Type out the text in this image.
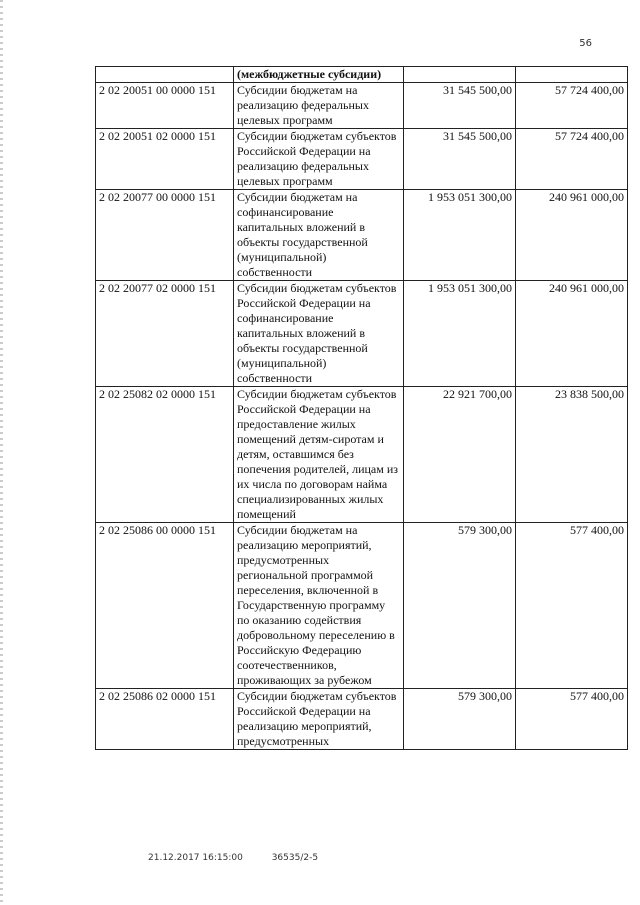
56
	(межбюджетные субсидии)		
2 02 20051 00 0000 151	Субсидии бюджетам на реализацию федеральных целевых программ	31 545 500,00	57 724 400,00
2 02 20051 02 0000 151	Субсидии бюджетам субъектов Российской Федерации на реализацию федеральных целевых программ	31 545 500,00	57 724 400,00
2 02 20077 00 0000 151	Субсидии бюджетам на софинансирование капитальных вложений в объекты государственной (муниципальной) собственности	1 953 051 300,00	240 961 000,00
2 02 20077 02 0000 151	Субсидии бюджетам субъектов Российской Федерации на софинансирование капитальных вложений в объекты государственной (муниципальной) собственности	1 953 051 300,00	240 961 000,00
2 02 25082 02 0000 151	Субсидии бюджетам субъектов Российской Федерации на предоставление жилых помещений детям-сиротам и детям, оставшимся без попечения родителей, лицам из их числа по договорам найма специализированных жилых помещений	22 921 700,00	23 838 500,00
2 02 25086 00 0000 151	Субсидии бюджетам на реализацию мероприятий, предусмотренных региональной программой переселения, включенной в Государственную программу по оказанию содействия добровольному переселению в Российскую Федерацию соотечественников, проживающих за рубежом	579 300,00	577 400,00
2 02 25086 02 0000 151	Субсидии бюджетам субъектов Российской Федерации на реализацию мероприятий, предусмотренных	579 300,00	577 400,00
21.12.2017 16:15:00	36535/2-5
